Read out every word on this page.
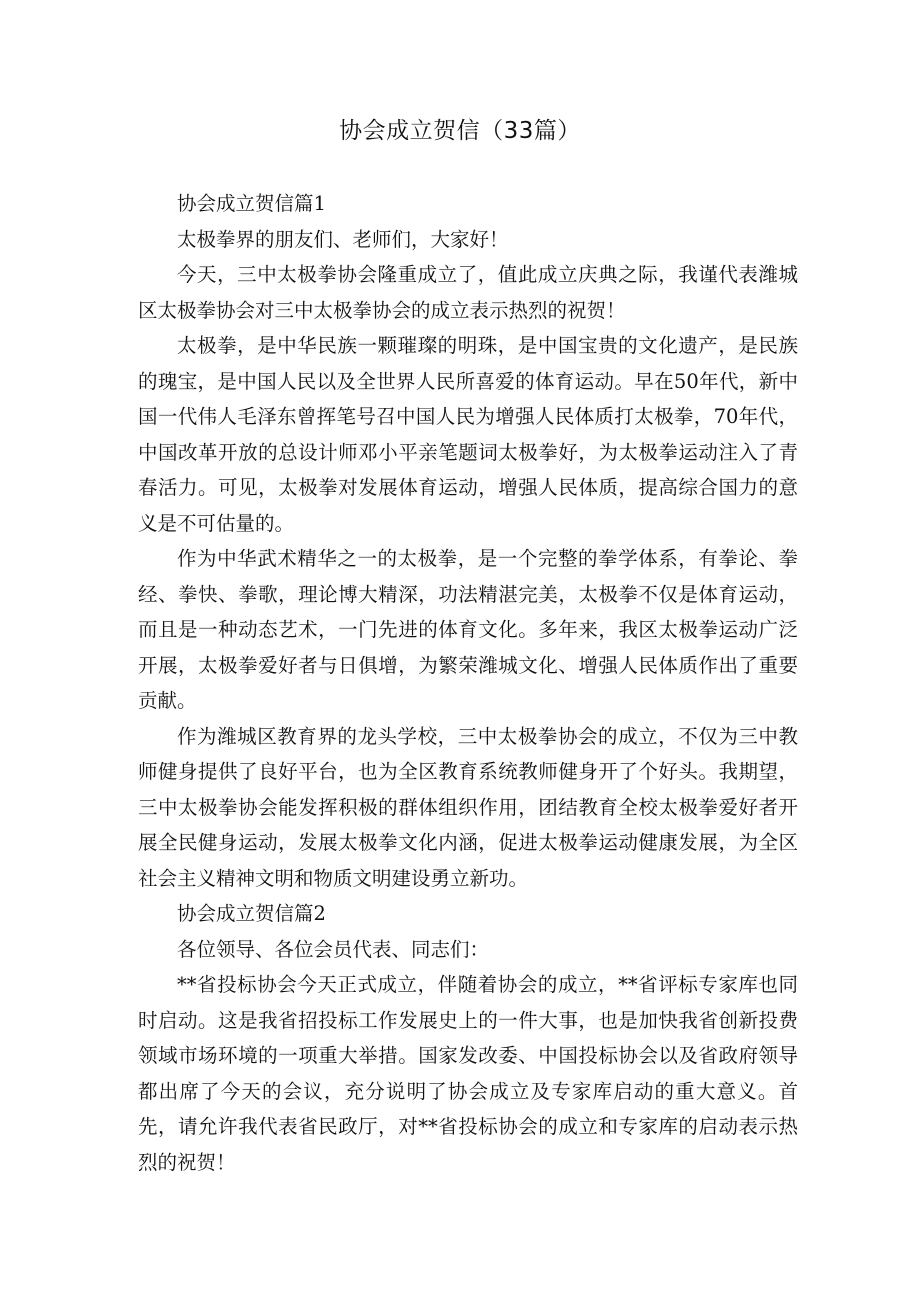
协会成立贺信（33篇）

协会成立贺信篇1

太极拳界的朋友们、老师们，大家好！

今天，三中太极拳协会隆重成立了，值此成立庆典之际，我谨代表潍城区太极拳协会对三中太极拳协会的成立表示热烈的祝贺！

太极拳，是中华民族一颗璀璨的明珠，是中国宝贵的文化遗产，是民族的瑰宝，是中国人民以及全世界人民所喜爱的体育运动。早在50年代，新中国一代伟人毛泽东曾挥笔号召中国人民为增强人民体质打太极拳，70年代，中国改革开放的总设计师邓小平亲笔题词太极拳好，为太极拳运动注入了青春活力。可见，太极拳对发展体育运动，增强人民体质，提高综合国力的意义是不可估量的。

作为中华武术精华之一的太极拳，是一个完整的拳学体系，有拳论、拳经、拳快、拳歌，理论博大精深，功法精湛完美，太极拳不仅是体育运动，而且是一种动态艺术，一门先进的体育文化。多年来，我区太极拳运动广泛开展，太极拳爱好者与日俱增，为繁荣潍城文化、增强人民体质作出了重要贡献。

作为潍城区教育界的龙头学校，三中太极拳协会的成立，不仅为三中教师健身提供了良好平台，也为全区教育系统教师健身开了个好头。我期望，三中太极拳协会能发挥积极的群体组织作用，团结教育全校太极拳爱好者开展全民健身运动，发展太极拳文化内涵，促进太极拳运动健康发展，为全区社会主义精神文明和物质文明建设勇立新功。

协会成立贺信篇2

各位领导、各位会员代表、同志们：

**省投标协会今天正式成立，伴随着协会的成立，**省评标专家库也同时启动。这是我省招投标工作发展史上的一件大事，也是加快我省创新投费领域市场环境的一项重大举措。国家发改委、中国投标协会以及省政府领导都出席了今天的会议，充分说明了协会成立及专家库启动的重大意义。首先，请允许我代表省民政厅，对**省投标协会的成立和专家库的启动表示热烈的祝贺！
